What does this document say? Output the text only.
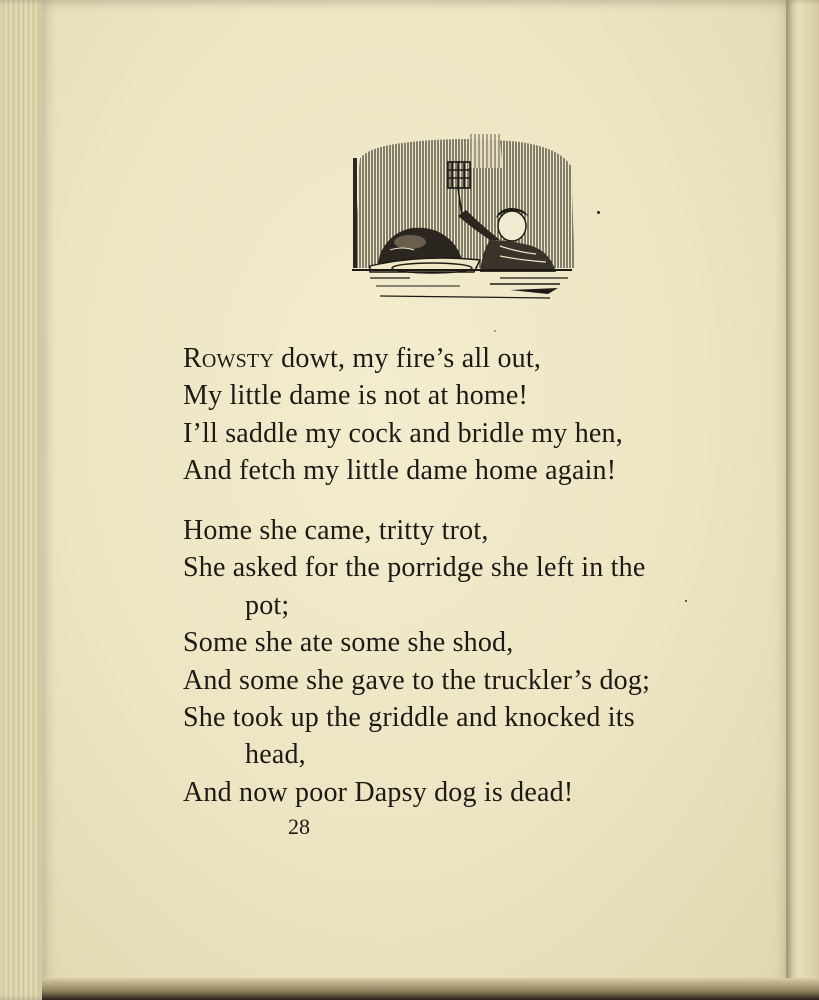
Rowsty dowt, my fire’s all out,
My little dame is not at home!
I’ll saddle my cock and bridle my hen,
And fetch my little dame home again!
Home she came, tritty trot,
She asked for the porridge she left in the
pot;
Some she ate some she shod,
And some she gave to the truckler’s dog;
She took up the griddle and knocked its
head,
And now poor Dapsy dog is dead!
28
